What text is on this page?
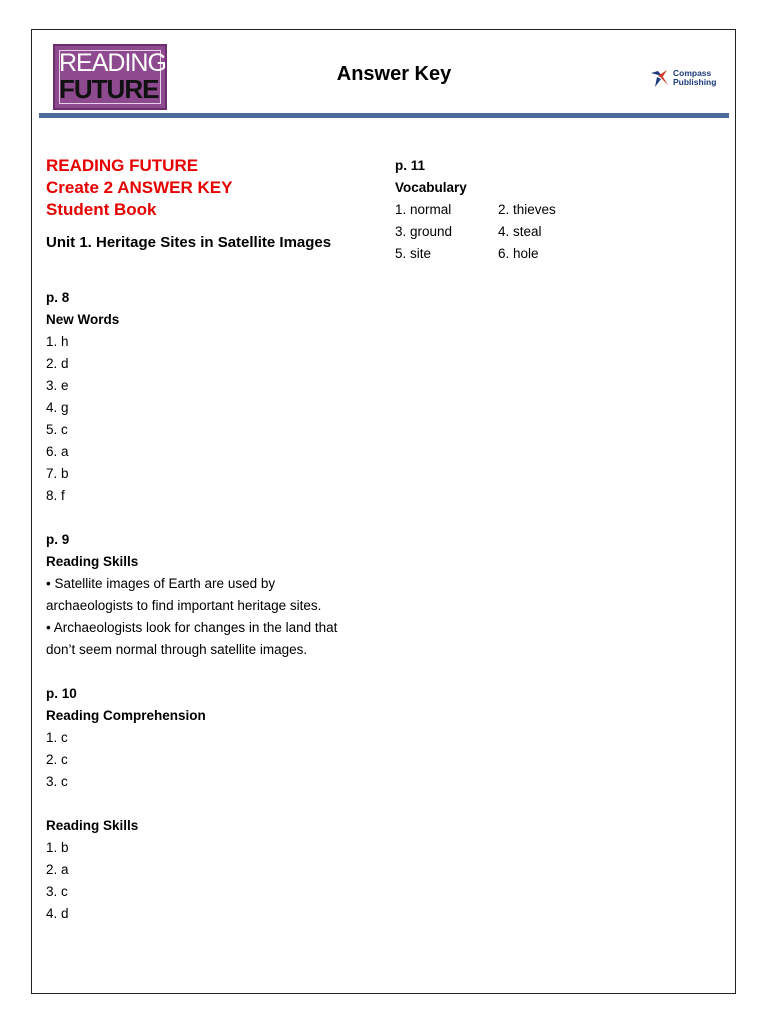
READING
FUTURE	Answer Key	Compass
Publishing
READING FUTURE
Create 2 ANSWER KEY
Student Book
Unit 1. Heritage Sites in Satellite Images
p. 8
New Words
1. h
2. d
3. e
4. g
5. c
6. a
7. b
8. f
p. 9
Reading Skills
• Satellite images of Earth are used by
archaeologists to find important heritage sites.
• Archaeologists look for changes in the land that
don’t seem normal through satellite images.
p. 10
Reading Comprehension
1. c
2. c
3. c
Reading Skills
1. b
2. a
3. c
4. d
p. 11
Vocabulary
1. normal	2. thieves
3. ground	4. steal
5. site	6. hole
